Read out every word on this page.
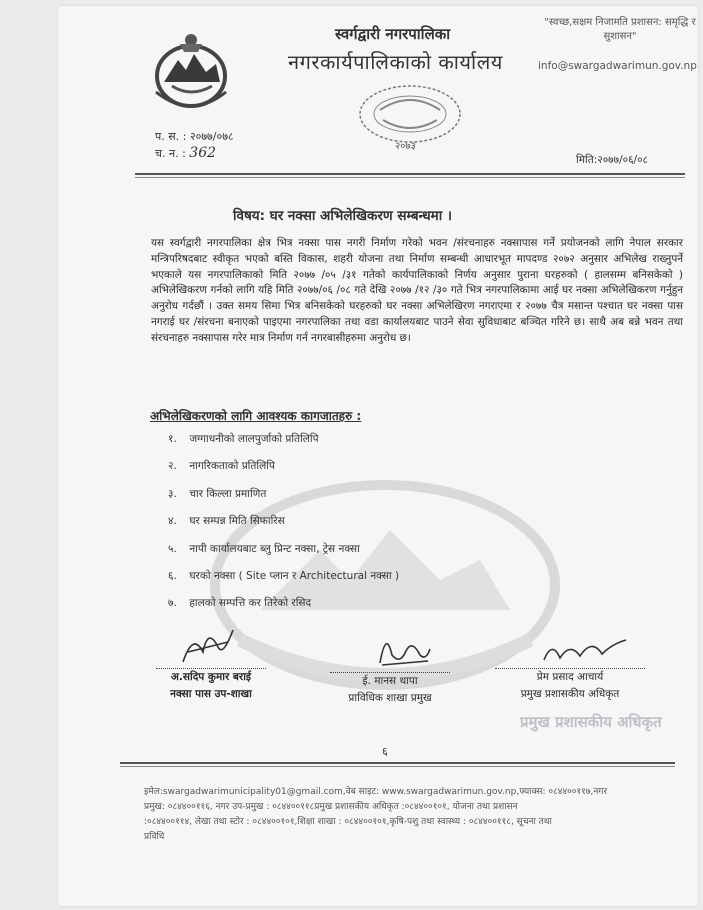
स्वर्गद्वारी नगरपालिका
नगरकार्यपालिकाको कार्यालय
"स्वच्छ,सक्षम निजामति प्रशासन: समृद्धि र सुशासन"
info@swargadwarimun.gov.np
२०७३
प. स. : २०७७/०७८
च. न. : 362	मिति:२०७७/०६/०८
विषय: घर नक्सा अभिलेखिकरण सम्बन्धमा ।
यस स्वर्गद्वारी नगरपालिका क्षेत्र भित्र नक्सा पास नगरी निर्माण गरेको भवन /संरचनाहरु नक्सापास गर्ने प्रयोजनको लागि नेपाल सरकार मन्त्रिपरिषदबाट स्वीकृत भएको बस्ति विकास, शहरी योजना तथा निर्माण सम्बन्धी आधारभूत मापदण्ड २०७२ अनुसार अभिलेख राख्नुपर्ने भएकाले यस नगरपालिकाको मिति २०७७ /०५ /३१ गतेको कार्यपालिकाको निर्णय अनुसार पुराना घरहरुको ( हालसम्म बनिसकेको ) अभिलेखिकरण गर्नको लागि यहि मिति २०७७/०६ /०८ गते देखि २०७७ /१२ /३० गते भित्र नगरपालिकामा आई घर नक्सा अभिलेखिकरण गर्नुहुन अनुरोध गर्दछौं । उक्त समय सिमा भित्र बनिसकेको घरहरुको घर नक्सा अभिलेखिरण नगराएमा र २०७७ चैत्र मसान्त पश्चात घर नक्सा पास नगराई घर /संरचना बनाएको पाइएमा नगरपालिका तथा वडा कार्यालयबाट पाउने सेवा सुविधाबाट बञ्चित गरिने छ। साथै अब बन्ने भवन तथा संरचनाहरु नक्सापास गरेर मात्र निर्माण गर्न नगरबासीहरुमा अनुरोध छ।
अभिलेखिकरणको लागि आवश्यक कागजातहरु :
१. जग्गाधनीको लालपुर्जाको प्रतिलिपि
२. नागरिकताको प्रतिलिपि
३. चार किल्ला प्रमाणित
४. घर सम्पन्न मिति सिफारिस
५. नापी कार्यालयबाट ब्लु प्रिन्ट नक्सा, ट्रेस नक्सा
६. घरको नक्सा ( Site प्लान र Architectural नक्सा )
७. हालको सम्पत्ति कर तिरेको रसिद
अ.सदिप कुमार बराई
नक्सा पास उप-शाखा
ई. मानस थापा
प्राविधिक शाखा प्रमुख
प्रेम प्रसाद आचार्य
प्रमुख प्रशासकीय अधिकृत
प्रमुख प्रशासकीय अधिकृत
६
इमेल:swargadwarimunicipality01@gmail.com,वेब साइट: www.swargadwarimun.gov.np,फ्याक्स: ०८४४००११७,नगर
प्रमुख: ०८४४००११६, नगर उप-प्रमुख : ०८४४००११८प्रमुख प्रशासकीय अधिकृत :०८४४००१०१, योजना तथा प्रशासन
:०८४४००११४, लेखा तथा स्टोर : ०८४४००१०१,शिक्षा शाखा : ०८४४००१०१,कृषि-पशु तथा स्वास्थ्य : ०८४४००११८, सूचना तथा
प्रविधि
